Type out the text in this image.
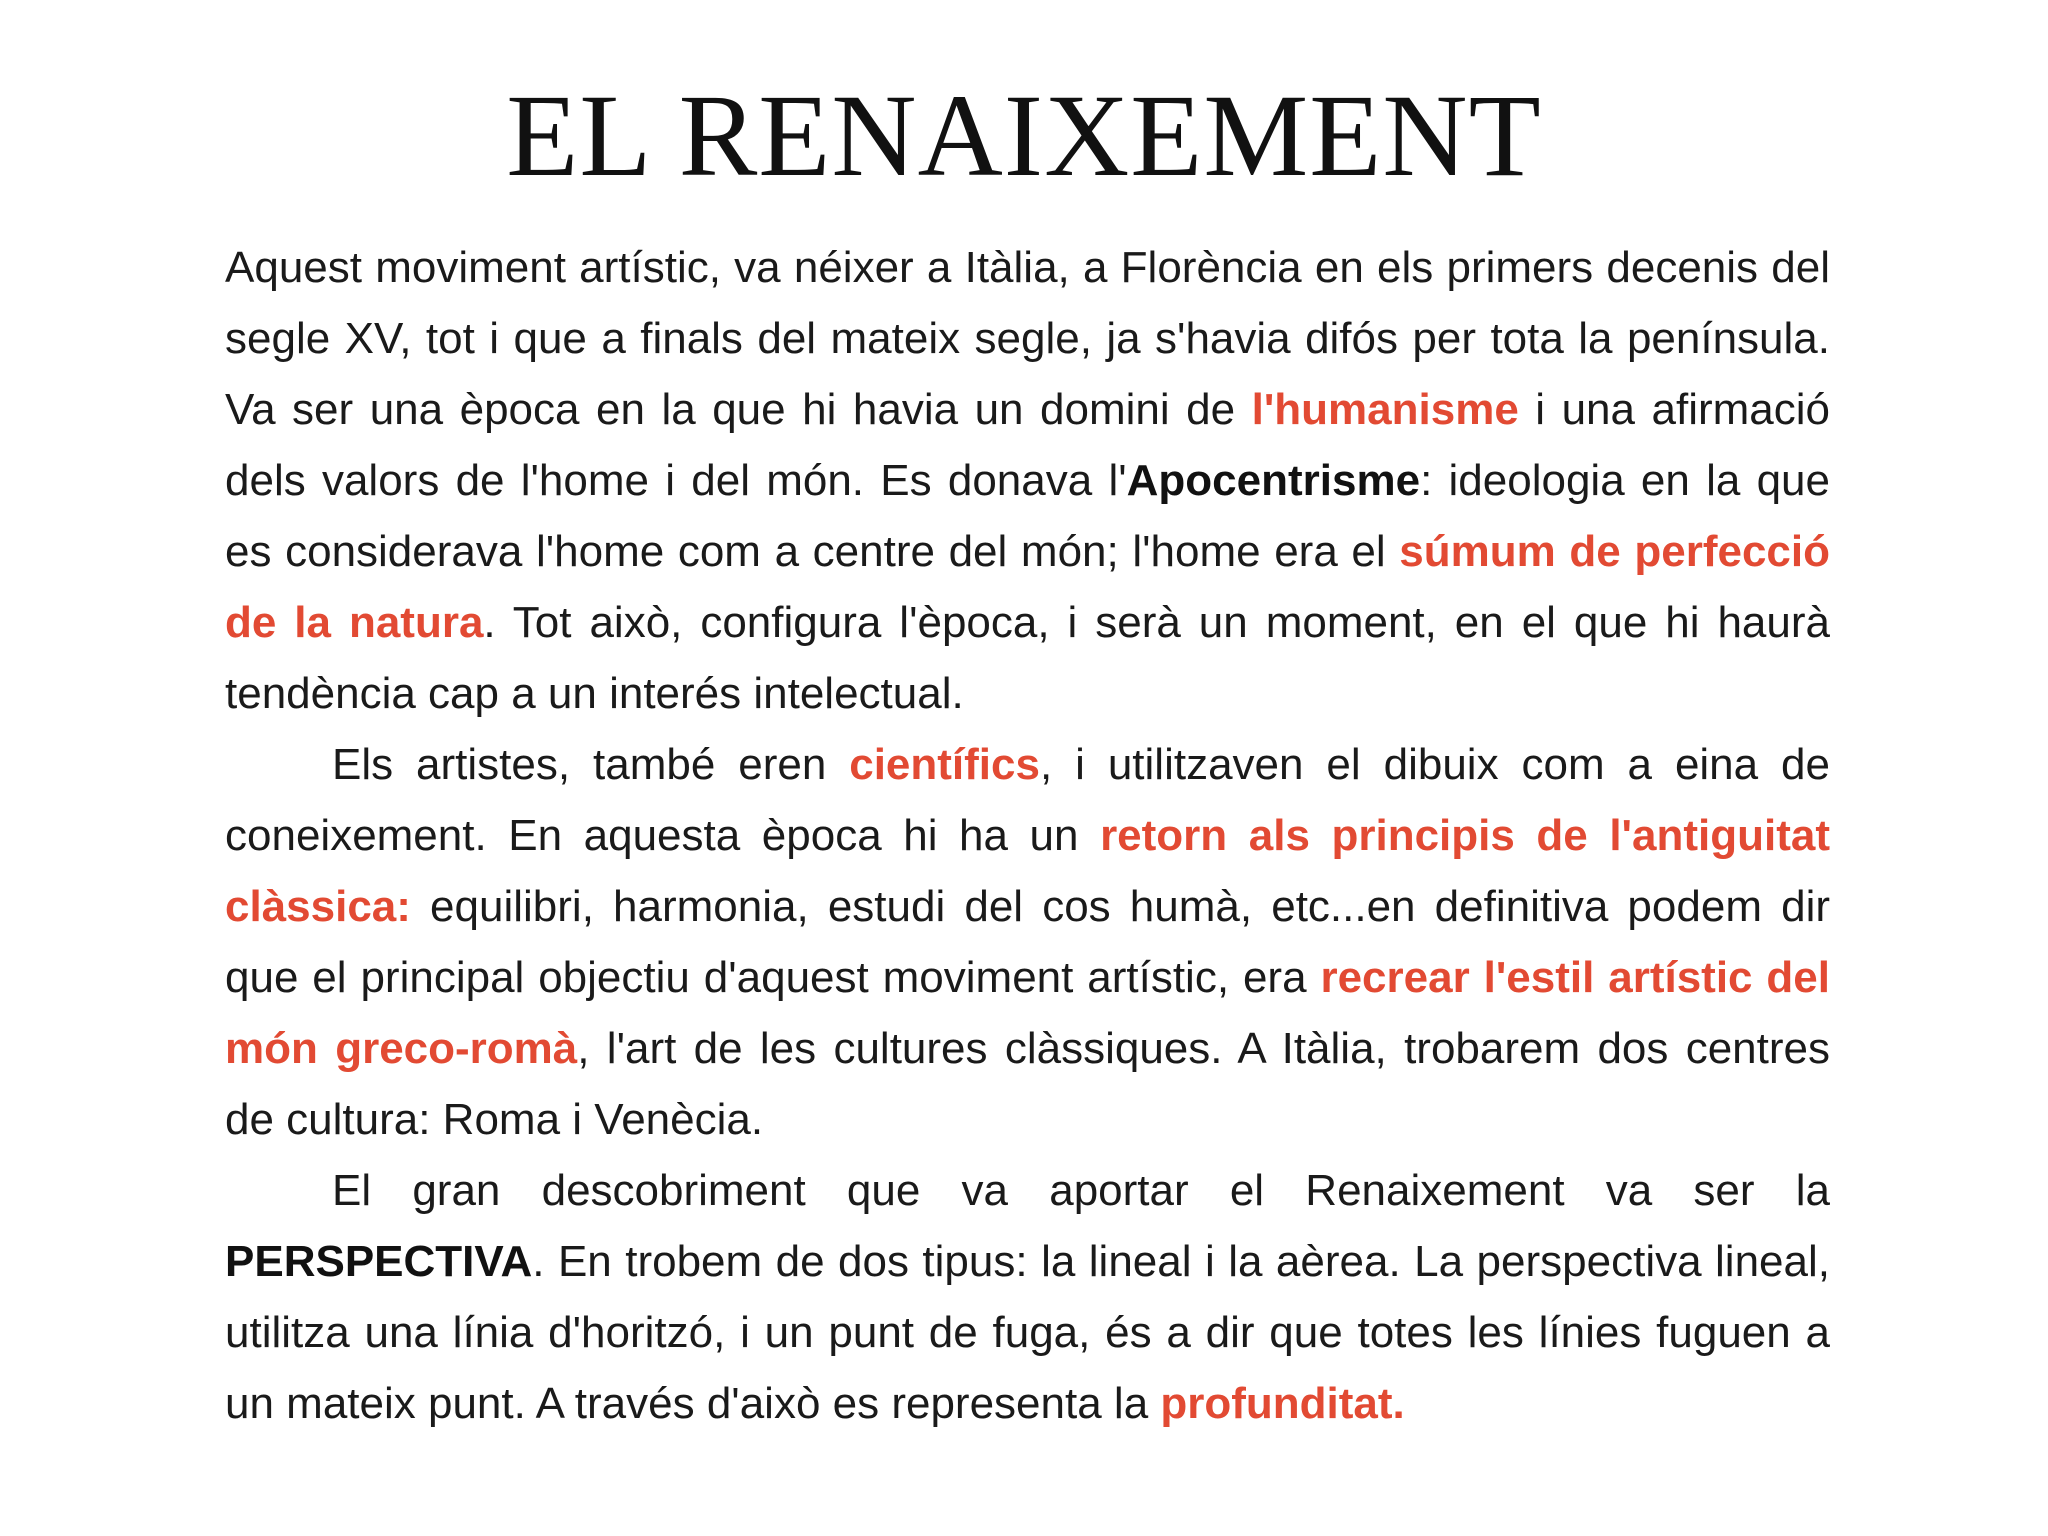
EL RENAIXEMENT

Aquest moviment artístic, va néixer a Itàlia, a Florència en els primers decenis del segle XV, tot i que a finals del mateix segle, ja s'havia difós per tota la península. Va ser una època en la que hi havia un domini de l'humanisme i una afirmació dels valors de l'home i del món. Es donava l'Apocentrisme: ideologia en la que es considerava l'home com a centre del món; l'home era el súmum de perfecció de la natura. Tot això, configura l'època, i serà un moment, en el que hi haurà tendència cap a un interés intelectual.

Els artistes, també eren científics, i utilitzaven el dibuix com a eina de coneixement. En aquesta època hi ha un retorn als principis de l'antiguitat clàssica: equilibri, harmonia, estudi del cos humà, etc...en definitiva podem dir que el principal objectiu d'aquest moviment artístic, era recrear l'estil artístic del món greco-romà, l'art de les cultures clàssiques. A Itàlia, trobarem dos centres de cultura: Roma i Venècia.

El gran descobriment que va aportar el Renaixement va ser la PERSPECTIVA. En trobem de dos tipus: la lineal i la aèrea. La perspectiva lineal, utilitza una línia d'horitzó, i un punt de fuga, és a dir que totes les línies fuguen a un mateix punt. A través d'això es representa la profunditat.
